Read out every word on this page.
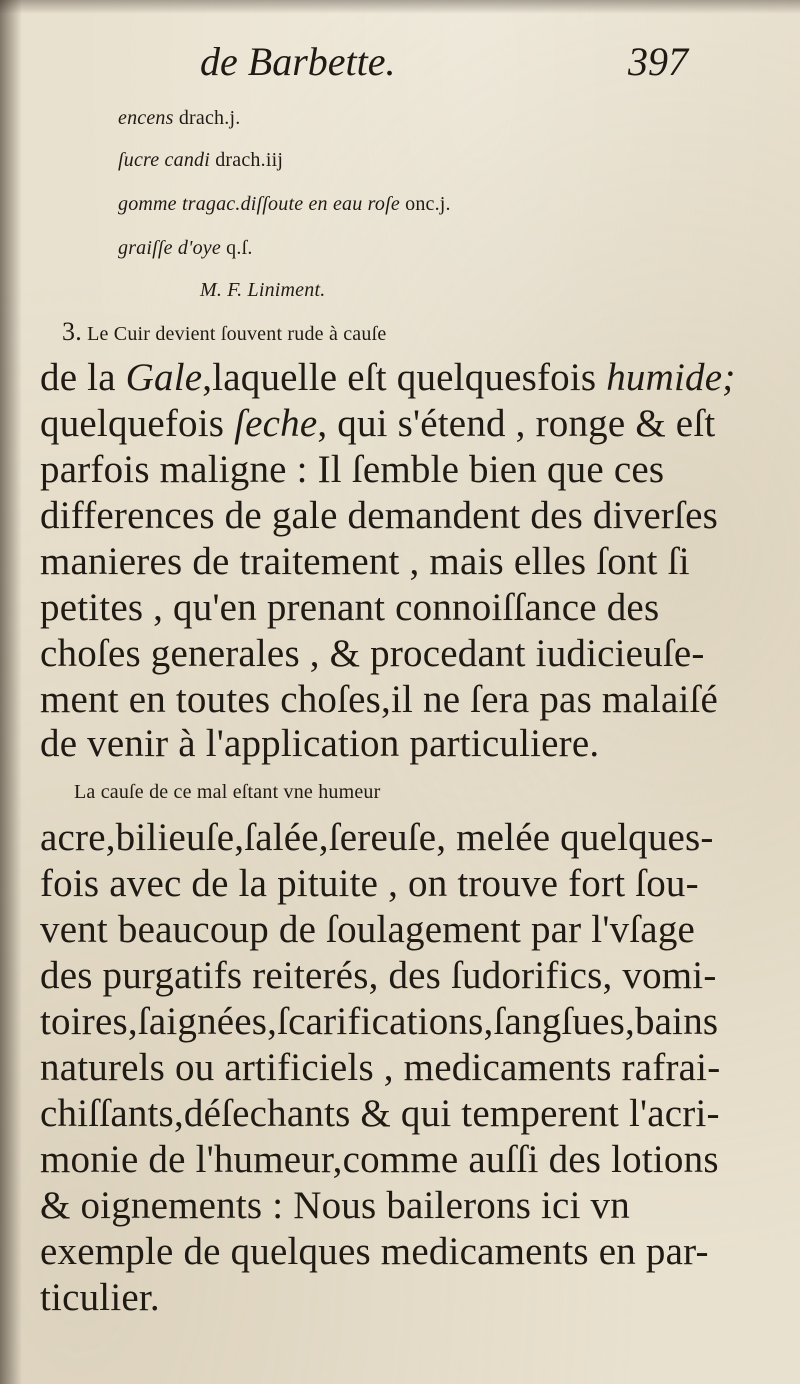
de Barbette.	397
encens drach.j.
ſucre candi drach.iij
gomme tragac.diſſoute en eau roſe onc.j.
graiſſe d'oye q.ſ.
M. F. Liniment.
3. Le Cuir devient ſouvent rude à cauſe
de la Gale,laquelle eſt quelquesfois humide;
quelquefois ſeche, qui s'étend , ronge & eſt
parfois maligne : Il ſemble bien que ces
differences de gale demandent des diverſes
manieres de traitement , mais elles ſont ſi
petites , qu'en prenant connoiſſance des
choſes generales , & procedant iudicieuſe-
ment en toutes choſes,il ne ſera pas malaiſé
de venir à l'application particuliere.
La cauſe de ce mal eſtant vne humeur
acre,bilieuſe,ſalée,ſereuſe, melée quelques-
fois avec de la pituite , on trouve fort ſou-
vent beaucoup de ſoulagement par l'vſage
des purgatifs reiterés, des ſudorifics, vomi-
toires,ſaignées,ſcarifications,ſangſues,bains
naturels ou artificiels , medicaments rafrai-
chiſſants,déſechants & qui temperent l'acri-
monie de l'humeur,comme auſſi des lotions
& oignements : Nous bailerons ici vn
exemple de quelques medicaments en par-
ticulier.
